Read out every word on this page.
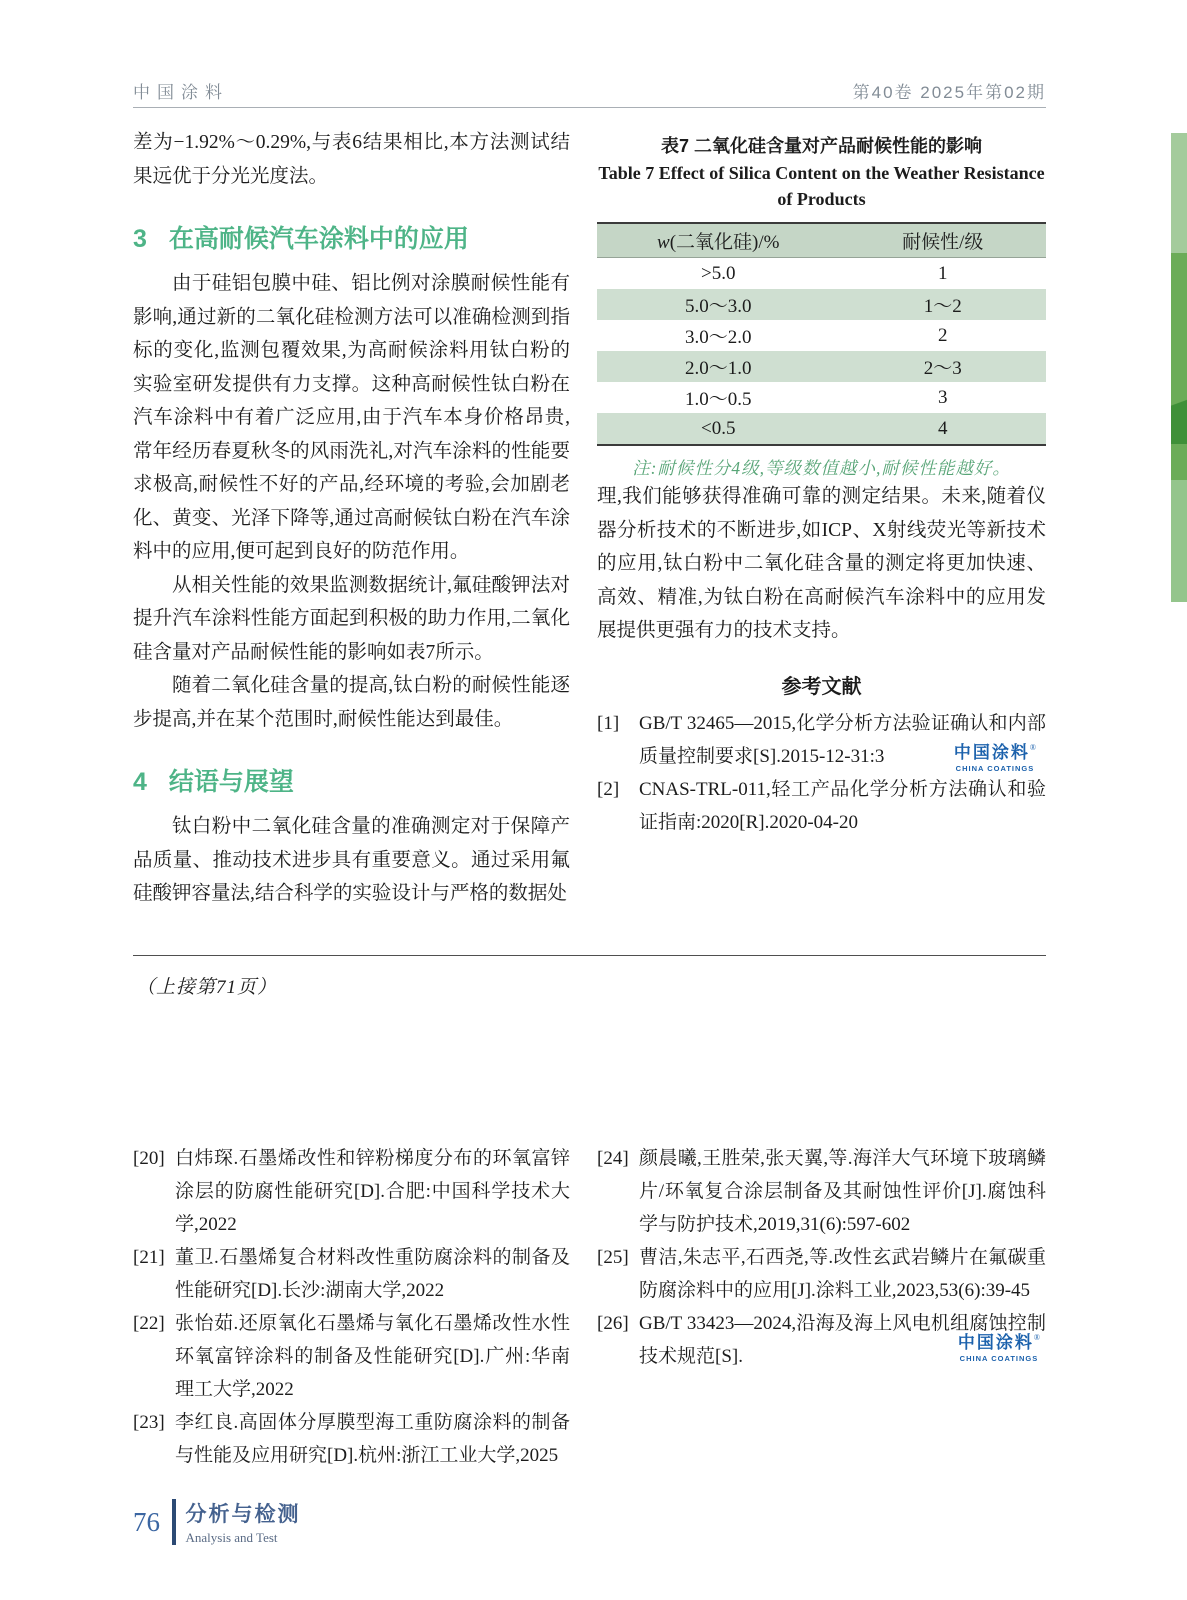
中国涂料	第40卷 2025年第02期

差为−1.92%～0.29%,与表6结果相比,本方法测试结果远优于分光光度法。

3 在高耐候汽车涂料中的应用

由于硅铝包膜中硅、铝比例对涂膜耐候性能有影响,通过新的二氧化硅检测方法可以准确检测到指标的变化,监测包覆效果,为高耐候涂料用钛白粉的实验室研发提供有力支撑。这种高耐候性钛白粉在汽车涂料中有着广泛应用,由于汽车本身价格昂贵,常年经历春夏秋冬的风雨洗礼,对汽车涂料的性能要求极高,耐候性不好的产品,经环境的考验,会加剧老化、黄变、光泽下降等,通过高耐候钛白粉在汽车涂料中的应用,便可起到良好的防范作用。

从相关性能的效果监测数据统计,氟硅酸钾法对提升汽车涂料性能方面起到积极的助力作用,二氧化硅含量对产品耐候性能的影响如表7所示。

随着二氧化硅含量的提高,钛白粉的耐候性能逐步提高,并在某个范围时,耐候性能达到最佳。

4 结语与展望

钛白粉中二氧化硅含量的准确测定对于保障产品质量、推动技术进步具有重要意义。通过采用氟硅酸钾容量法,结合科学的实验设计与严格的数据处

表7 二氧化硅含量对产品耐候性能的影响

Table 7 Effect of Silica Content on the Weather Resistance
of Products

w(二氧化硅)/%	耐候性/级
>5.0	1
5.0～3.0	1～2
3.0～2.0	2
2.0～1.0	2～3
1.0～0.5	3
<0.5	4

注:耐候性分4级,等级数值越小,耐候性能越好。

理,我们能够获得准确可靠的测定结果。未来,随着仪器分析技术的不断进步,如ICP、X射线荧光等新技术的应用,钛白粉中二氧化硅含量的测定将更加快速、高效、精准,为钛白粉在高耐候汽车涂料中的应用发展提供更强有力的技术支持。

参考文献

[1] GB/T 32465—2015,化学分析方法验证确认和内部质量控制要求[S].2015-12-31:3

[2] CNAS-TRL-011,轻工产品化学分析方法确认和验证指南:2020[R].2020-04-20

中国涂料®
CHINA COATINGS
（上接第71页）

[20] 白炜琛.石墨烯改性和锌粉梯度分布的环氧富锌涂层的防腐性能研究[D].合肥:中国科学技术大学,2022

[21] 董卫.石墨烯复合材料改性重防腐涂料的制备及性能研究[D].长沙:湖南大学,2022

[22] 张怡茹.还原氧化石墨烯与氧化石墨烯改性水性环氧富锌涂料的制备及性能研究[D].广州:华南理工大学,2022

[23] 李红良.高固体分厚膜型海工重防腐涂料的制备与性能及应用研究[D].杭州:浙江工业大学,2025

[24] 颜晨曦,王胜荣,张天翼,等.海洋大气环境下玻璃鳞片/环氧复合涂层制备及其耐蚀性评价[J].腐蚀科学与防护技术,2019,31(6):597-602

[25] 曹洁,朱志平,石西尧,等.改性玄武岩鳞片在氟碳重防腐涂料中的应用[J].涂料工业,2023,53(6):39-45

[26] GB/T 33423—2024,沿海及海上风电机组腐蚀控制技术规范[S].

中国涂料®
CHINA COATINGS
76 分析与检测
Analysis and Test
